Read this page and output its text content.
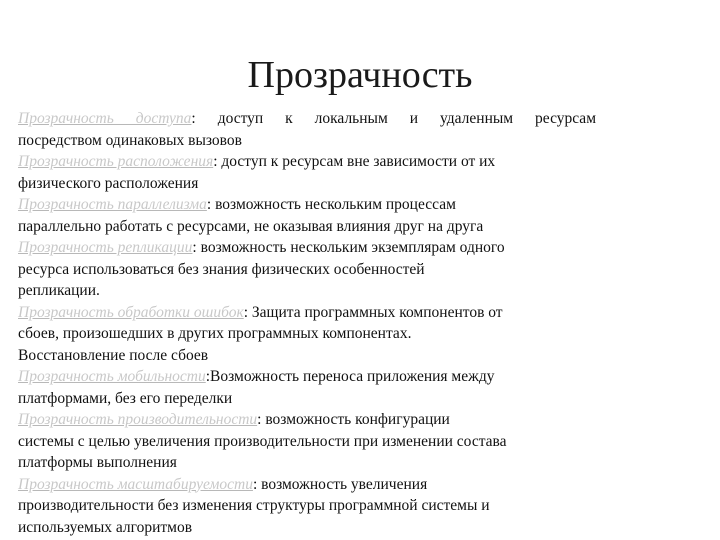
Прозрачность
Прозрачность доступа: доступ к локальным и удаленным ресурсам
посредством одинаковых вызовов
Прозрачность расположения: доступ к ресурсам вне зависимости от их
физического расположения
Прозрачность параллелизма: возможность нескольким процессам
параллельно работать с ресурсами, не оказывая влияния друг на друга
Прозрачность репликации: возможность нескольким экземплярам одного
ресурса использоваться без знания физических особенностей
репликации.
Прозрачность обработки ошибок: Защита программных компонентов от
сбоев, произошедших в других программных компонентах.
Восстановление после сбоев
Прозрачность мобильности:Возможность переноса приложения между
платформами, без его переделки
Прозрачность производительности: возможность конфигурации
системы с целью увеличения производительности при изменении состава
платформы выполнения
Прозрачность масштабируемости: возможность увеличения
производительности без изменения структуры программной системы и
используемых алгоритмов
